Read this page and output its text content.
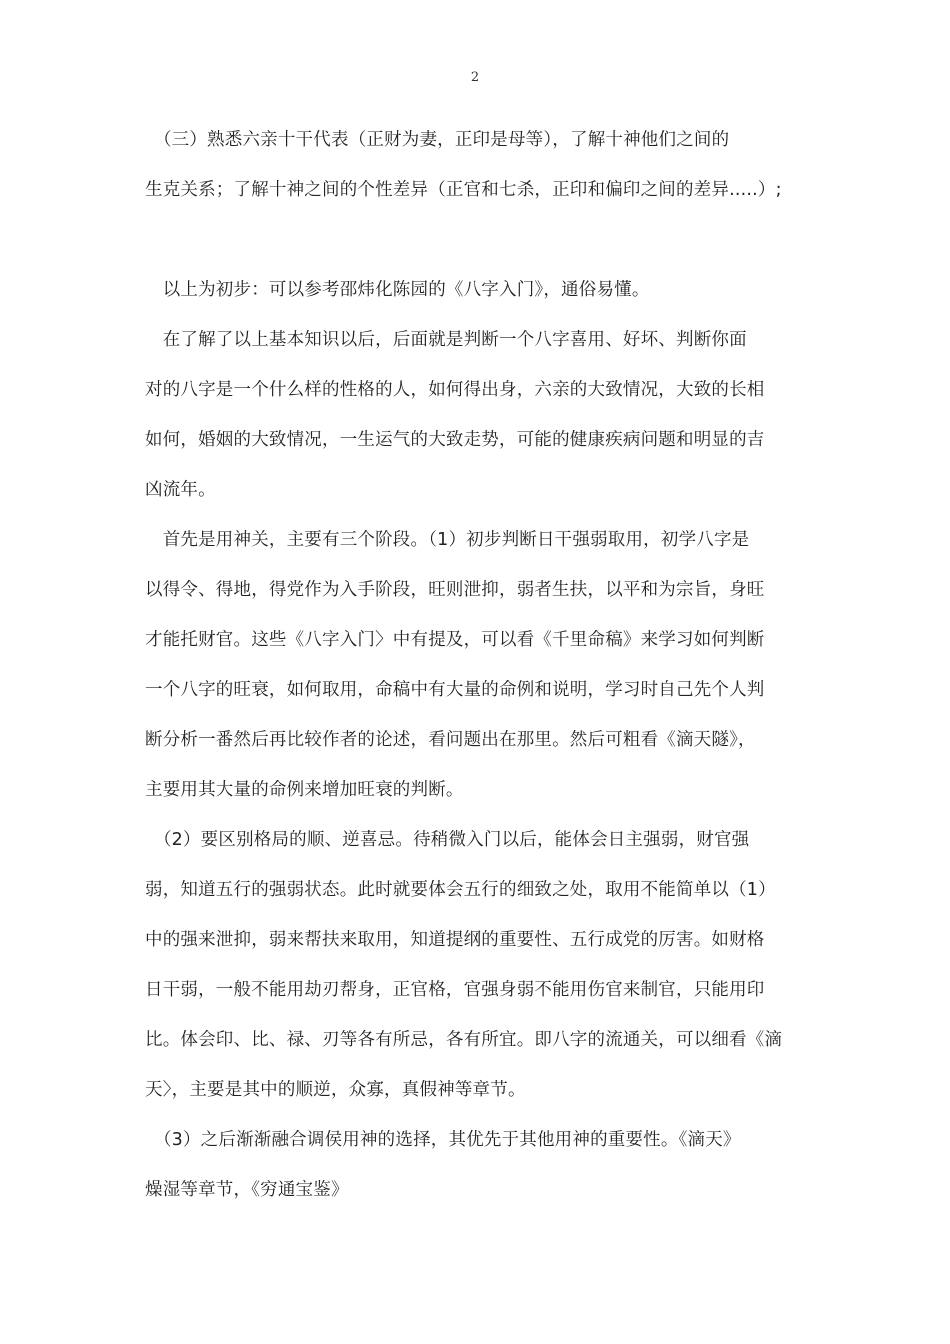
2
　（三）熟悉六亲十干代表（正财为妻，正印是母等），了解十神他们之间的
生克关系；了解十神之间的个性差异（正官和七杀，正印和偏印之间的差异.....）;
　以上为初步：可以参考邵炜化陈园的《八字入门》，通俗易懂。
　在了解了以上基本知识以后，后面就是判断一个八字喜用、好坏、判断你面
对的八字是一个什么样的性格的人，如何得出身，六亲的大致情况，大致的长相
如何，婚姻的大致情况，一生运气的大致走势，可能的健康疾病问题和明显的吉
凶流年。
　首先是用神关，主要有三个阶段。（1）初步判断日干强弱取用，初学八字是
以得令、得地，得党作为入手阶段，旺则泄抑，弱者生扶，以平和为宗旨，身旺
才能托财官。这些《八字入门〉中有提及，可以看《千里命稿》来学习如何判断
一个八字的旺衰，如何取用，命稿中有大量的命例和说明，学习时自己先个人判
断分析一番然后再比较作者的论述，看问题出在那里。然后可粗看《滴天隧》，
主要用其大量的命例来增加旺衰的判断。
　（2）要区别格局的顺、逆喜忌。待稍微入门以后，能体会日主强弱，财官强
弱，知道五行的强弱状态。此时就要体会五行的细致之处，取用不能简单以（1）
中的强来泄抑，弱来帮扶来取用，知道提纲的重要性、五行成党的厉害。如财格
日干弱，一般不能用劫刃帮身，正官格，官强身弱不能用伤官来制官，只能用印
比。体会印、比、禄、刃等各有所忌，各有所宜。即八字的流通关，可以细看《滴
天〉，主要是其中的顺逆，众寡，真假神等章节。
　（3）之后渐渐融合调侯用神的选择，其优先于其他用神的重要性。《滴天》
燥湿等章节，《穷通宝鉴》
